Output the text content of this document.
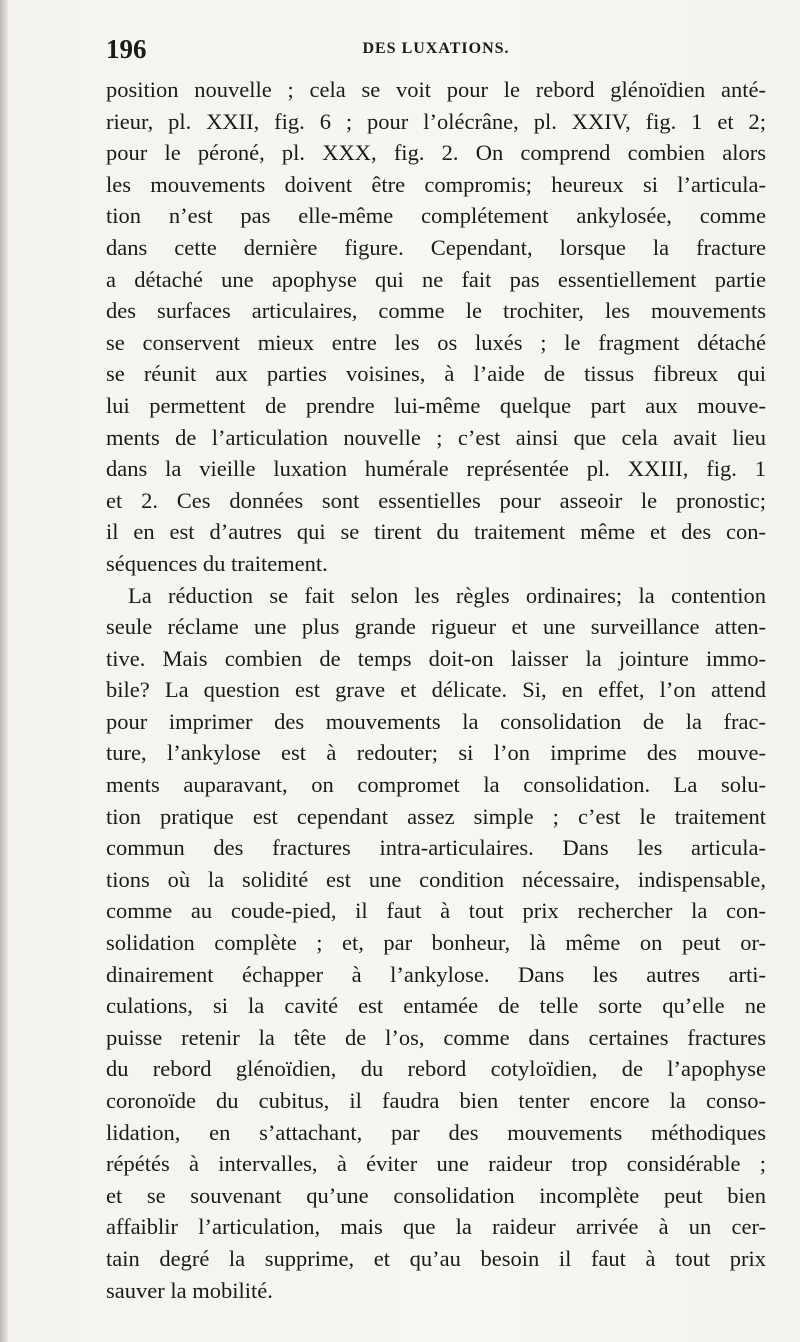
196	DES LUXATIONS.
position nouvelle ; cela se voit pour le rebord glénoïdien anté-
rieur, pl. XXII, fig. 6 ; pour l’olécrâne, pl. XXIV, fig. 1 et 2;
pour le péroné, pl. XXX, fig. 2. On comprend combien alors
les mouvements doivent être compromis; heureux si l’articula-
tion n’est pas elle-même complétement ankylosée, comme
dans cette dernière figure. Cependant, lorsque la fracture
a détaché une apophyse qui ne fait pas essentiellement partie
des surfaces articulaires, comme le trochiter, les mouvements
se conservent mieux entre les os luxés ; le fragment détaché
se réunit aux parties voisines, à l’aide de tissus fibreux qui
lui permettent de prendre lui-même quelque part aux mouve-
ments de l’articulation nouvelle ; c’est ainsi que cela avait lieu
dans la vieille luxation humérale représentée pl. XXIII, fig. 1
et 2. Ces données sont essentielles pour asseoir le pronostic;
il en est d’autres qui se tirent du traitement même et des con-
séquences du traitement.
La réduction se fait selon les règles ordinaires; la contention
seule réclame une plus grande rigueur et une surveillance atten-
tive. Mais combien de temps doit-on laisser la jointure immo-
bile? La question est grave et délicate. Si, en effet, l’on attend
pour imprimer des mouvements la consolidation de la frac-
ture, l’ankylose est à redouter; si l’on imprime des mouve-
ments auparavant, on compromet la consolidation. La solu-
tion pratique est cependant assez simple ; c’est le traitement
commun des fractures intra-articulaires. Dans les articula-
tions où la solidité est une condition nécessaire, indispensable,
comme au coude-pied, il faut à tout prix rechercher la con-
solidation complète ; et, par bonheur, là même on peut or-
dinairement échapper à l’ankylose. Dans les autres arti-
culations, si la cavité est entamée de telle sorte qu’elle ne
puisse retenir la tête de l’os, comme dans certaines fractures
du rebord glénoïdien, du rebord cotyloïdien, de l’apophyse
coronoïde du cubitus, il faudra bien tenter encore la conso-
lidation, en s’attachant, par des mouvements méthodiques
répétés à intervalles, à éviter une raideur trop considérable ;
et se souvenant qu’une consolidation incomplète peut bien
affaiblir l’articulation, mais que la raideur arrivée à un cer-
tain degré la supprime, et qu’au besoin il faut à tout prix
sauver la mobilité.
